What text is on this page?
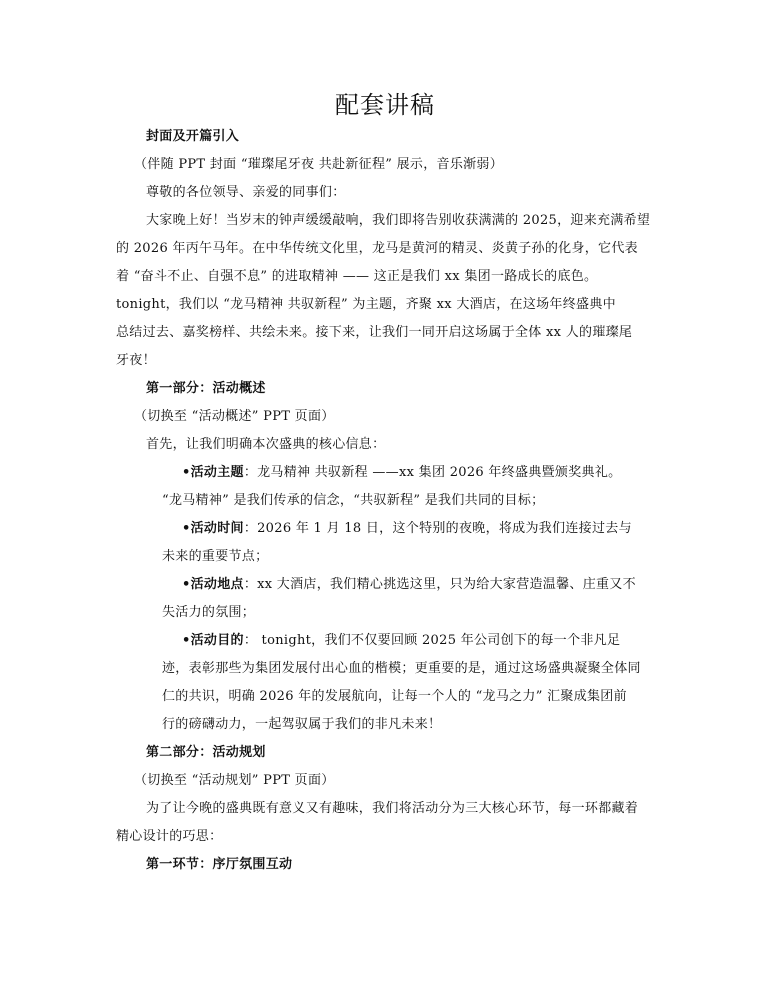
配套讲稿
封面及开篇引入
（伴随 PPT 封面 “璀璨尾牙夜 共赴新征程” 展示，音乐渐弱）
尊敬的各位领导、亲爱的同事们：
大家晚上好！当岁末的钟声缓缓敲响，我们即将告别收获满满的 2025，迎来充满希望
的 2026 年丙午马年。在中华传统文化里，龙马是黄河的精灵、炎黄子孙的化身，它代表
着 “奋斗不止、自强不息” 的进取精神 —— 这正是我们 xx 集团一路成长的底色。
tonight，我们以 “龙马精神 共驭新程” 为主题，齐聚 xx 大酒店，在这场年终盛典中
总结过去、嘉奖榜样、共绘未来。接下来，让我们一同开启这场属于全体 xx 人的璀璨尾
牙夜！
第一部分：活动概述
（切换至 “活动概述” PPT 页面）
首先，让我们明确本次盛典的核心信息：
•活动主题：龙马精神 共驭新程 ——xx 集团 2026 年终盛典暨颁奖典礼。
“龙马精神” 是我们传承的信念，“共驭新程” 是我们共同的目标；
•活动时间：2026 年 1 月 18 日，这个特别的夜晚，将成为我们连接过去与
未来的重要节点；
•活动地点：xx 大酒店，我们精心挑选这里，只为给大家营造温馨、庄重又不
失活力的氛围；
•活动目的： tonight，我们不仅要回顾 2025 年公司创下的每一个非凡足
迹，表彰那些为集团发展付出心血的楷模；更重要的是，通过这场盛典凝聚全体同
仁的共识，明确 2026 年的发展航向，让每一个人的 “龙马之力” 汇聚成集团前
行的磅礴动力，一起驾驭属于我们的非凡未来！
第二部分：活动规划
（切换至 “活动规划” PPT 页面）
为了让今晚的盛典既有意义又有趣味，我们将活动分为三大核心环节，每一环都藏着
精心设计的巧思：
第一环节：序厅氛围互动
